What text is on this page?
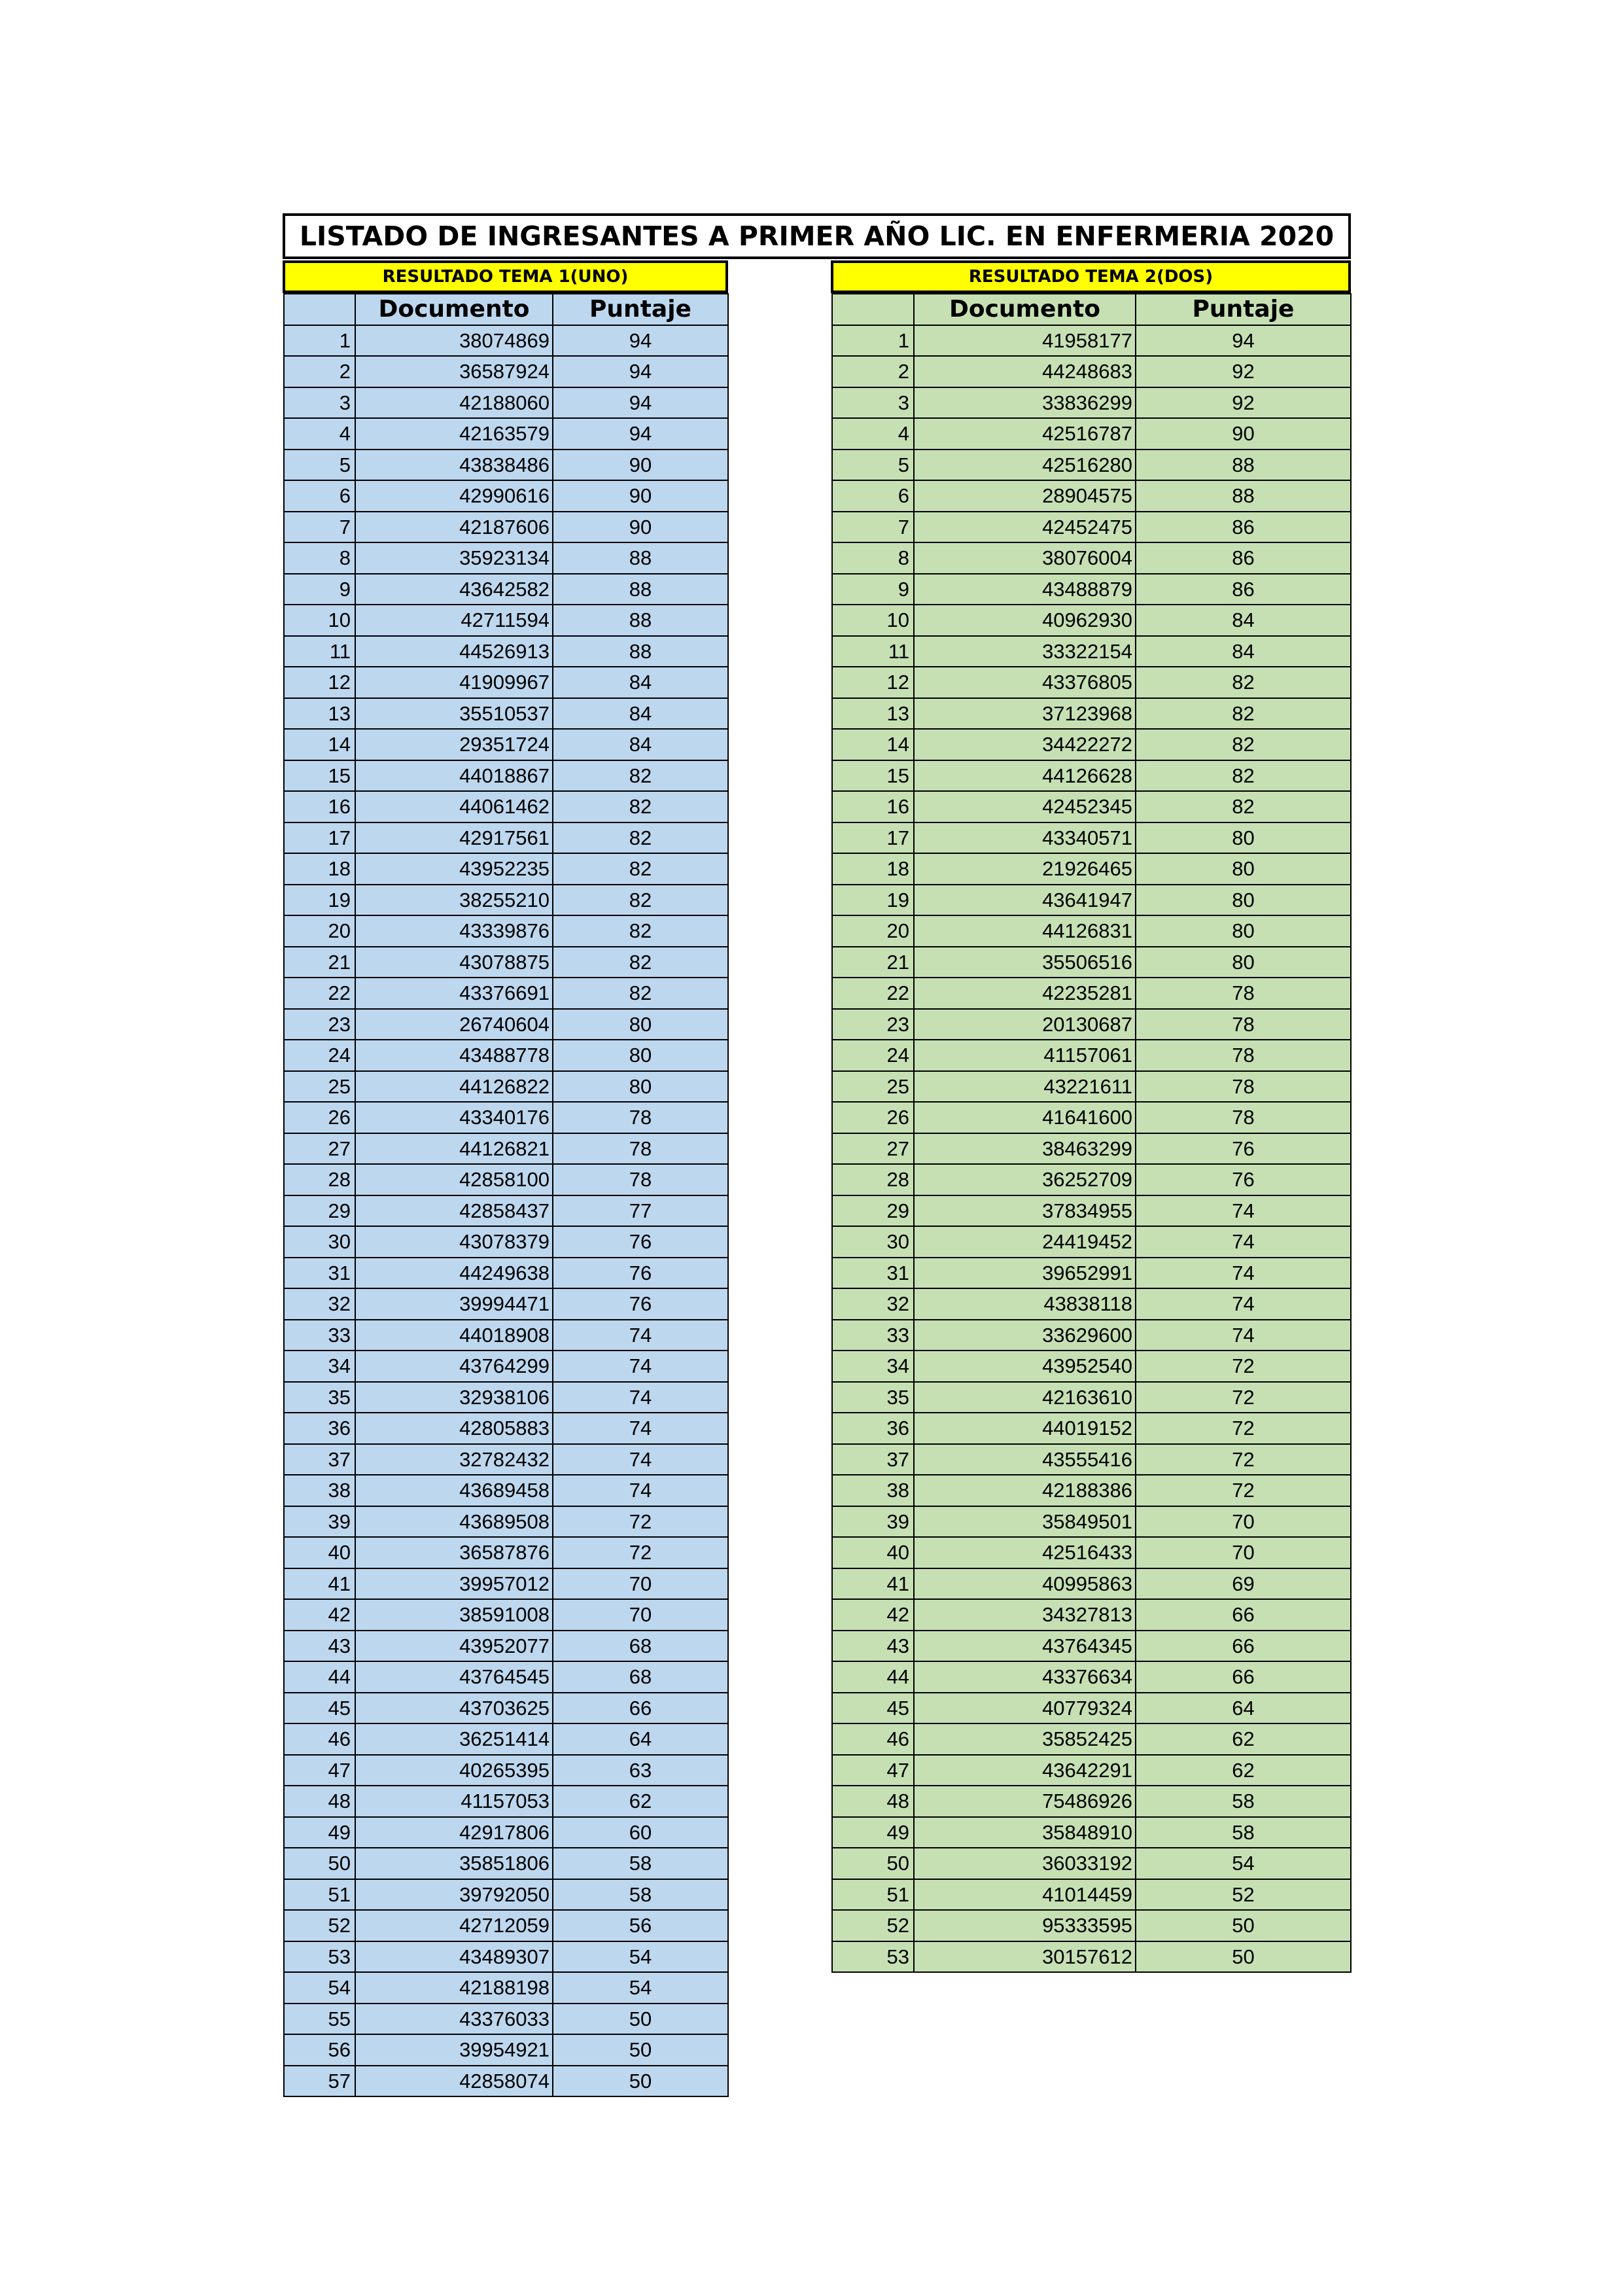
LISTADO DE INGRESANTES A PRIMER AÑO LIC. EN ENFERMERIA 2020
RESULTADO TEMA 1(UNO)	RESULTADO TEMA 2(DOS)
	Documento	Puntaje
1	38074869	94
2	36587924	94
3	42188060	94
4	42163579	94
5	43838486	90
6	42990616	90
7	42187606	90
8	35923134	88
9	43642582	88
10	42711594	88
11	44526913	88
12	41909967	84
13	35510537	84
14	29351724	84
15	44018867	82
16	44061462	82
17	42917561	82
18	43952235	82
19	38255210	82
20	43339876	82
21	43078875	82
22	43376691	82
23	26740604	80
24	43488778	80
25	44126822	80
26	43340176	78
27	44126821	78
28	42858100	78
29	42858437	77
30	43078379	76
31	44249638	76
32	39994471	76
33	44018908	74
34	43764299	74
35	32938106	74
36	42805883	74
37	32782432	74
38	43689458	74
39	43689508	72
40	36587876	72
41	39957012	70
42	38591008	70
43	43952077	68
44	43764545	68
45	43703625	66
46	36251414	64
47	40265395	63
48	41157053	62
49	42917806	60
50	35851806	58
51	39792050	58
52	42712059	56
53	43489307	54
54	42188198	54
55	43376033	50
56	39954921	50
57	42858074	50
	Documento	Puntaje
1	41958177	94
2	44248683	92
3	33836299	92
4	42516787	90
5	42516280	88
6	28904575	88
7	42452475	86
8	38076004	86
9	43488879	86
10	40962930	84
11	33322154	84
12	43376805	82
13	37123968	82
14	34422272	82
15	44126628	82
16	42452345	82
17	43340571	80
18	21926465	80
19	43641947	80
20	44126831	80
21	35506516	80
22	42235281	78
23	20130687	78
24	41157061	78
25	43221611	78
26	41641600	78
27	38463299	76
28	36252709	76
29	37834955	74
30	24419452	74
31	39652991	74
32	43838118	74
33	33629600	74
34	43952540	72
35	42163610	72
36	44019152	72
37	43555416	72
38	42188386	72
39	35849501	70
40	42516433	70
41	40995863	69
42	34327813	66
43	43764345	66
44	43376634	66
45	40779324	64
46	35852425	62
47	43642291	62
48	75486926	58
49	35848910	58
50	36033192	54
51	41014459	52
52	95333595	50
53	30157612	50
